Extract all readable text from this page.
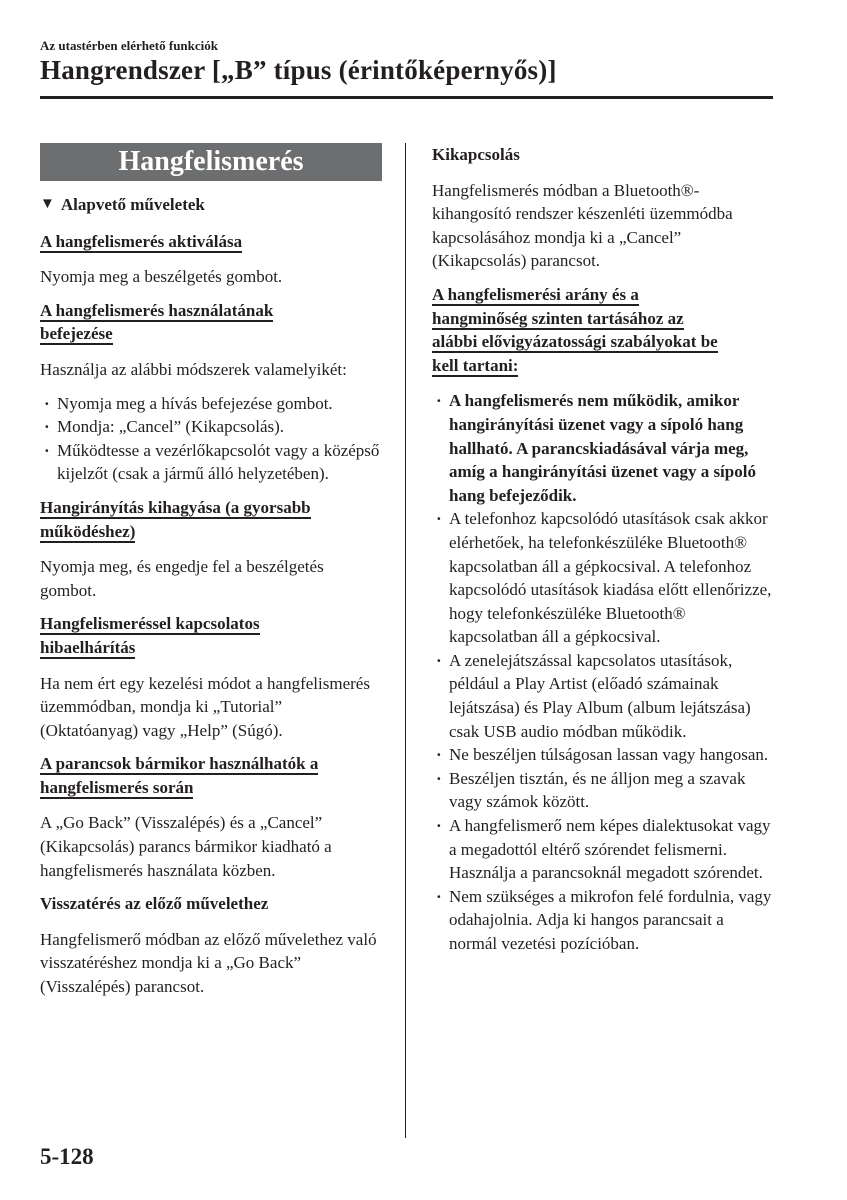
Az utastérben elérhető funkciók
Hangrendszer [„B” típus (érintőképernyős)]
Hangfelismerés
▼ Alapvető műveletek
A hangfelismerés aktiválása

Nyomja meg a beszélgetés gombot.

A hangfelismerés használatának
befejezése

Használja az alábbi módszerek valamelyikét:

· Nyomja meg a hívás befejezése gombot.
· Mondja: „Cancel” (Kikapcsolás).
· Működtesse a vezérlőkapcsolót vagy a középső kijelzőt (csak a jármű álló helyzetében).
Hangirányítás kihagyása (a gyorsabb
működéshez)

Nyomja meg, és engedje fel a beszélgetés gombot.

Hangfelismeréssel kapcsolatos
hibaelhárítás

Ha nem ért egy kezelési módot a hangfelismerés üzemmódban, mondja ki „Tutorial” (Oktatóanyag) vagy „Help” (Súgó).

A parancsok bármikor használhatók a
hangfelismerés során

A „Go Back” (Visszalépés) és a „Cancel” (Kikapcsolás) parancs bármikor kiadható a hangfelismerés használata közben.

Visszatérés az előző művelethez

Hangfelismerő módban az előző művelethez való visszatéréshez mondja ki a „Go Back” (Visszalépés) parancsot.

Kikapcsolás

Hangfelismerés módban a Bluetooth®-kihangosító rendszer készenléti üzemmódba kapcsolásához mondja ki a „Cancel” (Kikapcsolás) parancsot.

A hangfelismerési arány és a
hangminőség szinten tartásához az
alábbi elővigyázatossági szabályokat be
kell tartani:
· A hangfelismerés nem működik, amikor hangirányítási üzenet vagy a sípoló hang hallható. A parancskiadásával várja meg, amíg a hangirányítási üzenet vagy a sípoló hang befejeződik.
· A telefonhoz kapcsolódó utasítások csak akkor elérhetőek, ha telefonkészüléke Bluetooth® kapcsolatban áll a gépkocsival. A telefonhoz kapcsolódó utasítások kiadása előtt ellenőrizze, hogy telefonkészüléke Bluetooth® kapcsolatban áll a gépkocsival.
· A zenelejátszással kapcsolatos utasítások, például a Play Artist (előadó számainak lejátszása) és Play Album (album lejátszása) csak USB audio módban működik.
· Ne beszéljen túlságosan lassan vagy hangosan.
· Beszéljen tisztán, és ne álljon meg a szavak vagy számok között.
· A hangfelismerő nem képes dialektusokat vagy a megadottól eltérő szórendet felismerni. Használja a parancsoknál megadott szórendet.
· Nem szükséges a mikrofon felé fordulnia, vagy odahajolnia. Adja ki hangos parancsait a normál vezetési pozícióban.
5-128
